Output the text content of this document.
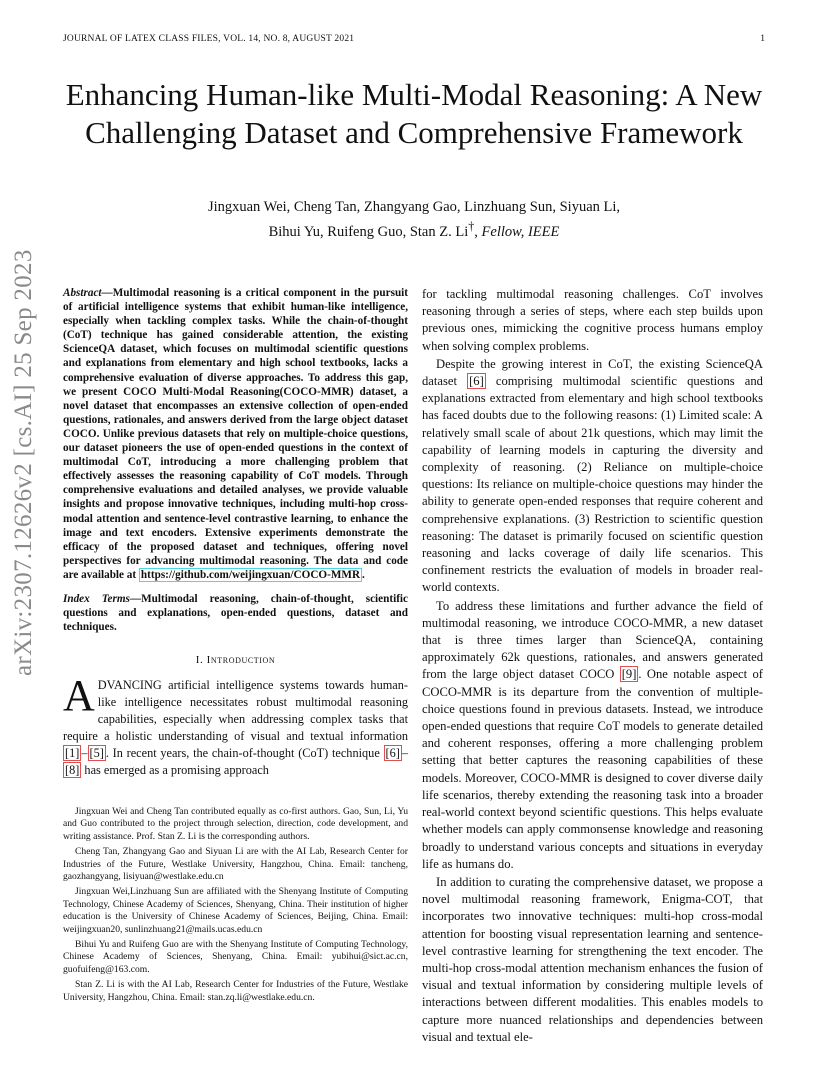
JOURNAL OF LATEX CLASS FILES, VOL. 14, NO. 8, AUGUST 2021	1
arXiv:2307.12626v2 [cs.AI] 25 Sep 2023
Enhancing Human-like Multi-Modal Reasoning: A New Challenging Dataset and Comprehensive Framework
Jingxuan Wei, Cheng Tan, Zhangyang Gao, Linzhuang Sun, Siyuan Li,
Bihui Yu, Ruifeng Guo, Stan Z. Li†, Fellow, IEEE
Abstract—Multimodal reasoning is a critical component in the pursuit of artificial intelligence systems that exhibit human-like intelligence, especially when tackling complex tasks. While the chain-of-thought (CoT) technique has gained considerable attention, the existing ScienceQA dataset, which focuses on multimodal scientific questions and explanations from elementary and high school textbooks, lacks a comprehensive evaluation of diverse approaches. To address this gap, we present COCO Multi-Modal Reasoning(COCO-MMR) dataset, a novel dataset that encompasses an extensive collection of open-ended questions, rationales, and answers derived from the large object dataset COCO. Unlike previous datasets that rely on multiple-choice questions, our dataset pioneers the use of open-ended questions in the context of multimodal CoT, introducing a more challenging problem that effectively assesses the reasoning capability of CoT models. Through comprehensive evaluations and detailed analyses, we provide valuable insights and propose innovative techniques, including multi-hop cross-modal attention and sentence-level contrastive learning, to enhance the image and text encoders. Extensive experiments demonstrate the efficacy of the proposed dataset and techniques, offering novel perspectives for advancing multimodal reasoning. The data and code are available at https://github.com/weijingxuan/COCO-MMR .
Index Terms—Multimodal reasoning, chain-of-thought, scientific questions and explanations, open-ended questions, dataset and techniques.
I. Introduction
ADVANCING artificial intelligence systems towards human-like intelligence necessitates robust multimodal reasoning capabilities, especially when addressing complex tasks that require a holistic understanding of visual and textual information [1] – [5] . In recent years, the chain-of-thought (CoT) technique [6] –[8] has emerged as a promising approach

Jingxuan Wei and Cheng Tan contributed equally as co-first authors. Gao, Sun, Li, Yu and Guo contributed to the project through selection, direction, code development, and writing assistance. Prof. Stan Z. Li is the corresponding authors.

Cheng Tan, Zhangyang Gao and Siyuan Li are with the AI Lab, Research Center for Industries of the Future, Westlake University, Hangzhou, China. Email: tancheng, gaozhangyang, lisiyuan@westlake.edu.cn

Jingxuan Wei,Linzhuang Sun are affiliated with the Shenyang Institute of Computing Technology, Chinese Academy of Sciences, Shenyang, China. Their institution of higher education is the University of Chinese Academy of Sciences, Beijing, China. Email: weijingxuan20, sunlinzhuang21@mails.ucas.edu.cn

Bihui Yu and Ruifeng Guo are with the Shenyang Institute of Computing Technology, Chinese Academy of Sciences, Shenyang, China. Email: yubihui@sict.ac.cn, guofuifeng@163.com.

Stan Z. Li is with the AI Lab, Research Center for Industries of the Future, Westlake University, Hangzhou, China. Email: stan.zq.li@westlake.edu.cn.

for tackling multimodal reasoning challenges. CoT involves reasoning through a series of steps, where each step builds upon previous ones, mimicking the cognitive process humans employ when solving complex problems.

Despite the growing interest in CoT, the existing ScienceQA dataset [6] comprising multimodal scientific questions and explanations extracted from elementary and high school textbooks has faced doubts due to the following reasons: (1) Limited scale: A relatively small scale of about 21k questions, which may limit the capability of learning models in capturing the diversity and complexity of reasoning. (2) Reliance on multiple-choice questions: Its reliance on multiple-choice questions may hinder the ability to generate open-ended responses that require coherent and comprehensive explanations. (3) Restriction to scientific question reasoning: The dataset is primarily focused on scientific question reasoning and lacks coverage of daily life scenarios. This confinement restricts the evaluation of models in broader real-world contexts.

To address these limitations and further advance the field of multimodal reasoning, we introduce COCO-MMR, a new dataset that is three times larger than ScienceQA, containing approximately 62k questions, rationales, and answers generated from the large object dataset COCO [9] . One notable aspect of COCO-MMR is its departure from the convention of multiple-choice questions found in previous datasets. Instead, we introduce open-ended questions that require CoT models to generate detailed and coherent responses, offering a more challenging problem setting that better captures the reasoning capabilities of these models. Moreover, COCO-MMR is designed to cover diverse daily life scenarios, thereby extending the reasoning task into a broader real-world context beyond scientific questions. This helps evaluate whether models can apply commonsense knowledge and reasoning broadly to understand various concepts and situations in everyday life as humans do.

In addition to curating the comprehensive dataset, we propose a novel multimodal reasoning framework, Enigma-COT, that incorporates two innovative techniques: multi-hop cross-modal attention for boosting visual representation learning and sentence-level contrastive learning for strengthening the text encoder. The multi-hop cross-modal attention mechanism enhances the fusion of visual and textual information by considering multiple levels of interactions between different modalities. This enables models to capture more nuanced relationships and dependencies between visual and textual ele-
